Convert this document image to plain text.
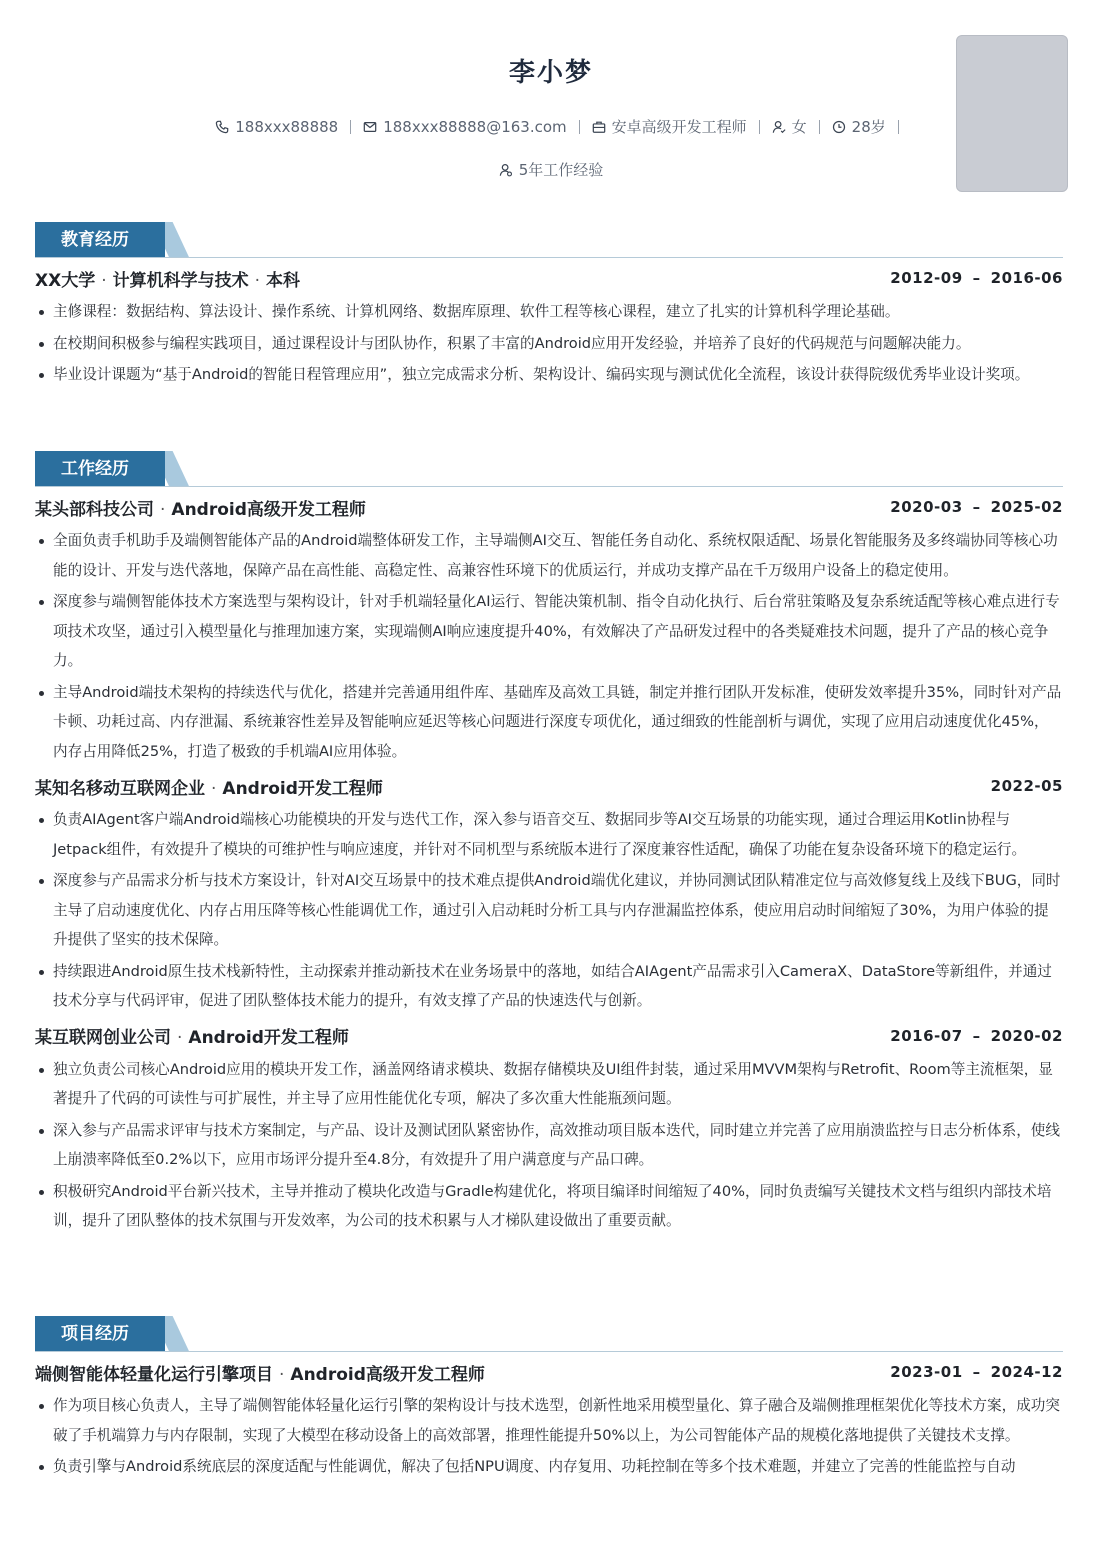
李小梦
188xxx88888	188xxx88888@163.com	安卓高级开发工程师	女	28岁
5年工作经验
教育经历
XX大学 · 计算机科学与技术 · 本科	2012-09 – 2016-06
主修课程：数据结构、算法设计、操作系统、计算机网络、数据库原理、软件工程等核心课程，建立了扎实的计算机科学理论基础。
在校期间积极参与编程实践项目，通过课程设计与团队协作，积累了丰富的Android应用开发经验，并培养了良好的代码规范与问题解决能力。
毕业设计课题为“基于Android的智能日程管理应用”，独立完成需求分析、架构设计、编码实现与测试优化全流程，该设计获得院级优秀毕业设计奖项。
工作经历
某头部科技公司 · Android高级开发工程师	2020-03 – 2025-02
全面负责手机助手及端侧智能体产品的Android端整体研发工作，主导端侧AI交互、智能任务自动化、系统权限适配、场景化智能服务及多终端协同等核心功能的设计、开发与迭代落地，保障产品在高性能、高稳定性、高兼容性环境下的优质运行，并成功支撑产品在千万级用户设备上的稳定使用。
深度参与端侧智能体技术方案选型与架构设计，针对手机端轻量化AI运行、智能决策机制、指令自动化执行、后台常驻策略及复杂系统适配等核心难点进行专项技术攻坚，通过引入模型量化与推理加速方案，实现端侧AI响应速度提升40%，有效解决了产品研发过程中的各类疑难技术问题，提升了产品的核心竞争力。
主导Android端技术架构的持续迭代与优化，搭建并完善通用组件库、基础库及高效工具链，制定并推行团队开发标准，使研发效率提升35%，同时针对产品卡顿、功耗过高、内存泄漏、系统兼容性差异及智能响应延迟等核心问题进行深度专项优化，通过细致的性能剖析与调优，实现了应用启动速度优化45%，内存占用降低25%，打造了极致的手机端AI应用体验。
某知名移动互联网企业 · Android开发工程师	2022-05
负责AIAgent客户端Android端核心功能模块的开发与迭代工作，深入参与语音交互、数据同步等AI交互场景的功能实现，通过合理运用Kotlin协程与Jetpack组件，有效提升了模块的可维护性与响应速度，并针对不同机型与系统版本进行了深度兼容性适配，确保了功能在复杂设备环境下的稳定运行。
深度参与产品需求分析与技术方案设计，针对AI交互场景中的技术难点提供Android端优化建议，并协同测试团队精准定位与高效修复线上及线下BUG，同时主导了启动速度优化、内存占用压降等核心性能调优工作，通过引入启动耗时分析工具与内存泄漏监控体系，使应用启动时间缩短了30%，为用户体验的提升提供了坚实的技术保障。
持续跟进Android原生技术栈新特性，主动探索并推动新技术在业务场景中的落地，如结合AIAgent产品需求引入CameraX、DataStore等新组件，并通过技术分享与代码评审，促进了团队整体技术能力的提升，有效支撑了产品的快速迭代与创新。
某互联网创业公司 · Android开发工程师	2016-07 – 2020-02
独立负责公司核心Android应用的模块开发工作，涵盖网络请求模块、数据存储模块及UI组件封装，通过采用MVVM架构与Retrofit、Room等主流框架，显著提升了代码的可读性与可扩展性，并主导了应用性能优化专项，解决了多次重大性能瓶颈问题。
深入参与产品需求评审与技术方案制定，与产品、设计及测试团队紧密协作，高效推动项目版本迭代，同时建立并完善了应用崩溃监控与日志分析体系，使线上崩溃率降低至0.2%以下，应用市场评分提升至4.8分，有效提升了用户满意度与产品口碑。
积极研究Android平台新兴技术，主导并推动了模块化改造与Gradle构建优化，将项目编译时间缩短了40%，同时负责编写关键技术文档与组织内部技术培训，提升了团队整体的技术氛围与开发效率，为公司的技术积累与人才梯队建设做出了重要贡献。
项目经历
端侧智能体轻量化运行引擎项目 · Android高级开发工程师	2023-01 – 2024-12
作为项目核心负责人，主导了端侧智能体轻量化运行引擎的架构设计与技术选型，创新性地采用模型量化、算子融合及端侧推理框架优化等技术方案，成功突破了手机端算力与内存限制，实现了大模型在移动设备上的高效部署，推理性能提升50%以上，为公司智能体产品的规模化落地提供了关键技术支撑。
负责引擎与Android系统底层的深度适配与性能调优，解决了包括NPU调度、内存复用、功耗控制在等多个技术难题，并建立了完善的性能监控与自动
